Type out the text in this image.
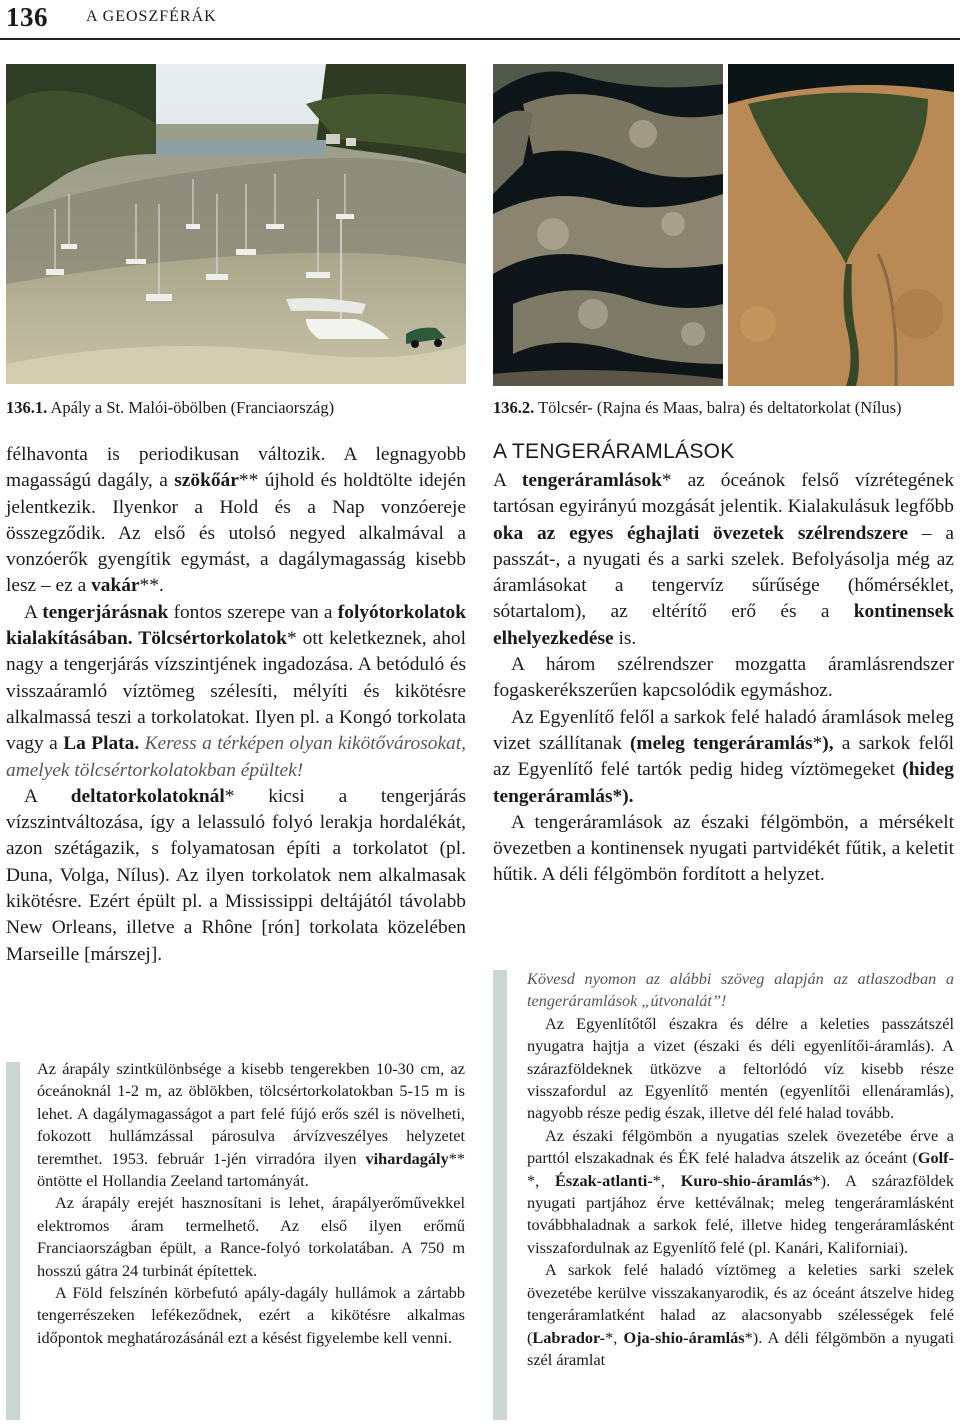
136 A GEOSZFÉRÁK
136.1. Apály a St. Malói-öbölben (Franciaország)	136.2. Tölcsér- (Rajna és Maas, balra) és deltatorkolat (Nílus)

félhavonta is periodikusan változik. A legnagyobb magasságú dagály, a szökőár** újhold és holdtölte idején jelentkezik. Ilyenkor a Hold és a Nap vonzóereje összegződik. Az első és utolsó negyed alkalmával a vonzóerők gyengítik egymást, a dagálymagasság kisebb lesz – ez a vakár**.

A tengerjárásnak fontos szerepe van a folyótorkolatok kialakításában. Tölcsértorkolatok* ott keletkeznek, ahol nagy a tengerjárás vízszintjének ingadozása. A betóduló és visszaáramló víztömeg szélesíti, mélyíti és kikötésre alkalmassá teszi a torkolatokat. Ilyen pl. a Kongó torkolata vagy a La Plata. Keress a térképen olyan kikötővárosokat, amelyek tölcsértorkolatokban épültek!

A deltatorkolatoknál* kicsi a tengerjárás vízszintváltozása, így a lelassuló folyó lerakja hordalékát, azon szétágazik, s folyamatosan építi a torkolatot (pl. Duna, Volga, Nílus). Az ilyen torkolatok nem alkalmasak kikötésre. Ezért épült pl. a Mississippi deltájától távolabb New Orleans, illetve a Rhône [rón] torkolata közelében Marseille [márszej].

Az árapály szintkülönbsége a kisebb tengerekben 10-30 cm, az óceánoknál 1-2 m, az öblökben, tölcsértorkolatokban 5-15 m is lehet. A dagálymagasságot a part felé fújó erős szél is növelheti, fokozott hullámzással párosulva árvízveszélyes helyzetet teremthet. 1953. február 1-jén virradóra ilyen vihardagály** öntötte el Hollandia Zeeland tartományát.

Az árapály erejét hasznosítani is lehet, árapályerőművekkel elektromos áram termelhető. Az első ilyen erőmű Franciaországban épült, a Rance-folyó torkolatában. A 750 m hosszú gátra 24 turbinát építettek.

A Föld felszínén körbefutó apály-dagály hullámok a zártabb tengerrészeken lefékeződnek, ezért a kikötésre alkalmas időpontok meghatározásánál ezt a késést figyelembe kell venni.

A TENGERÁRAMLÁSOK

A tengeráramlások* az óceánok felső vízrétegének tartósan egyirányú mozgását jelentik. Kialakulásuk legfőbb oka az egyes éghajlati övezetek szélrendszere – a passzát-, a nyugati és a sarki szelek. Befolyásolja még az áramlásokat a tengervíz sűrűsége (hőmérséklet, sótartalom), az eltérítő erő és a kontinensek elhelyezkedése is.

A három szélrendszer mozgatta áramlásrendszer fogaskerékszerűen kapcsolódik egymáshoz.

Az Egyenlítő felől a sarkok felé haladó áramlások meleg vizet szállítanak (meleg tengeráramlás*), a sarkok felől az Egyenlítő felé tartók pedig hideg víztömegeket (hideg tengeráramlás*).

A tengeráramlások az északi félgömbön, a mérsékelt övezetben a kontinensek nyugati partvidékét fűtik, a keletit hűtik. A déli félgömbön fordított a helyzet.

Kövesd nyomon az alábbi szöveg alapján az atlaszodban a tengeráramlások „útvonalát”!

Az Egyenlítőtől északra és délre a keleties passzátszél nyugatra hajtja a vizet (északi és déli egyenlítői-áramlás). A szárazföldeknek ütközve a feltorlódó víz kisebb része visszafordul az Egyenlítő mentén (egyenlítői ellenáramlás), nagyobb része pedig észak, illetve dél felé halad tovább.

Az északi félgömbön a nyugatias szelek övezetébe érve a parttól elszakadnak és ÉK felé haladva átszelik az óceánt (Golf-*, Észak-atlanti-*, Kuro-shio-áramlás*). A szárazföldek nyugati partjához érve kettéválnak; meleg tengeráramlásként továbbhaladnak a sarkok felé, illetve hideg tengeráramlásként visszafordulnak az Egyenlítő felé (pl. Kanári, Kaliforniai).

A sarkok felé haladó víztömeg a keleties sarki szelek övezetébe kerülve visszakanyarodik, és az óceánt átszelve hideg tengeráramlatként halad az alacsonyabb szélességek felé (Labrador-*, Oja-shio-áramlás*). A déli félgömbön a nyugati szél áramlat
